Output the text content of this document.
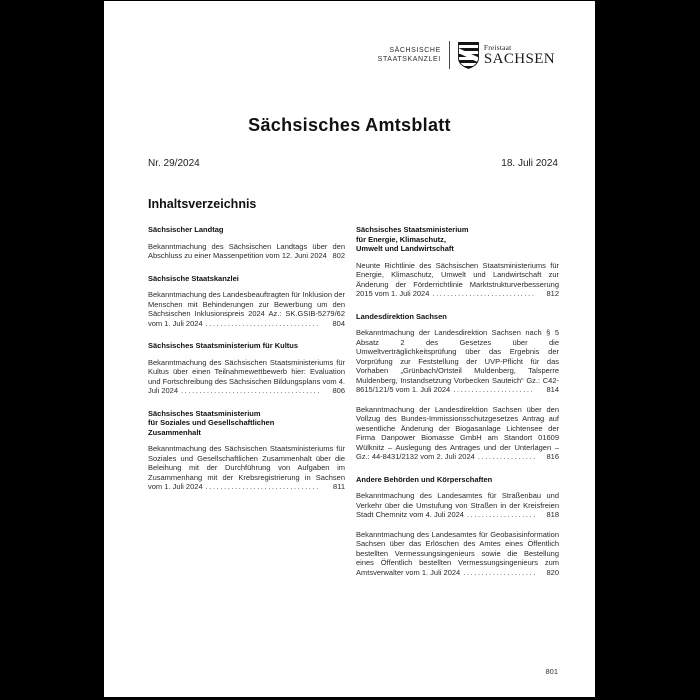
SÄCHSISCHE
STAATSKANZLEI
Freistaat
SACHSEN
Sächsisches Amtsblatt
Nr. 29/2024	18. Juli 2024
Inhaltsverzeichnis
Sächsischer Landtag
Bekanntmachung des Sächsischen Landtags über den Abschluss zu einer Massenpetition vom 12. Juni 2024 802
Sächsische Staatskanzlei
Bekanntmachung des Landesbeauftragten für Inklusion der Menschen mit Behinderungen zur Bewerbung um den Sächsischen Inklusionspreis 2024 Az.: SK.GSIB-5279/62 vom 1. Juli 2024 ............................... 804
Sächsisches Staatsministerium für Kultus
Bekanntmachung des Sächsischen Staatsministeriums für Kultus über einen Teilnahmewettbewerb hier: Evaluation und Fortschreibung des Sächsischen Bildungsplans vom 4. Juli 2024 ...................................... 806
Sächsisches Staatsministerium
für Soziales und Gesellschaftlichen
Zusammenhalt
Bekanntmachung des Sächsischen Staatsministeriums für Soziales und Gesellschaftlichen Zusammenhalt über die Beleihung mit der Durchführung von Aufgaben im Zusammenhang mit der Krebsregistrierung in Sachsen vom 1. Juli 2024 ............................... 811
Sächsisches Staatsministerium
für Energie, Klimaschutz,
Umwelt und Landwirtschaft
Neunte Richtlinie des Sächsischen Staatsministeriums für Energie, Klimaschutz, Umwelt und Landwirtschaft zur Änderung der Förderrichtlinie Marktstrukturverbesserung 2015 vom 1. Juli 2024 ............................ 812
Landesdirektion Sachsen
Bekanntmachung der Landesdirektion Sachsen nach § 5 Absatz 2 des Gesetzes über die Umweltverträglichkeitsprüfung über das Ergebnis der Vorprüfung zur Feststellung der UVP-Pflicht für das Vorhaben „Grünbach/Ortsteil Muldenberg, Talsperre Muldenberg, Instandsetzung Vorbecken Sauteich“ Gz.: C42-8615/121/5 vom 1. Juli 2024 ...................... 814
Bekanntmachung der Landesdirektion Sachsen über den Vollzug des Bundes-Immissionsschutzgesetzes Antrag auf wesentliche Änderung der Biogasanlage Lichtensee der Firma Danpower Biomasse GmbH am Standort 01609 Wülknitz – Auslegung des Antrages und der Unterlagen – Gz.: 44-8431/2132 vom 2. Juli 2024 ................ 816
Andere Behörden und Körperschaften
Bekanntmachung des Landesamtes für Straßenbau und Verkehr über die Umstufung von Straßen in der Kreisfreien Stadt Chemnitz vom 4. Juli 2024 ................... 818
Bekanntmachung des Landesamtes für Geobasisinformation Sachsen über das Erlöschen des Amtes eines Öffentlich bestellten Vermessungsingenieurs sowie die Bestellung eines Öffentlich bestellten Vermessungsingenieurs zum Amtsverwalter vom 1. Juli 2024 .................... 820
801
